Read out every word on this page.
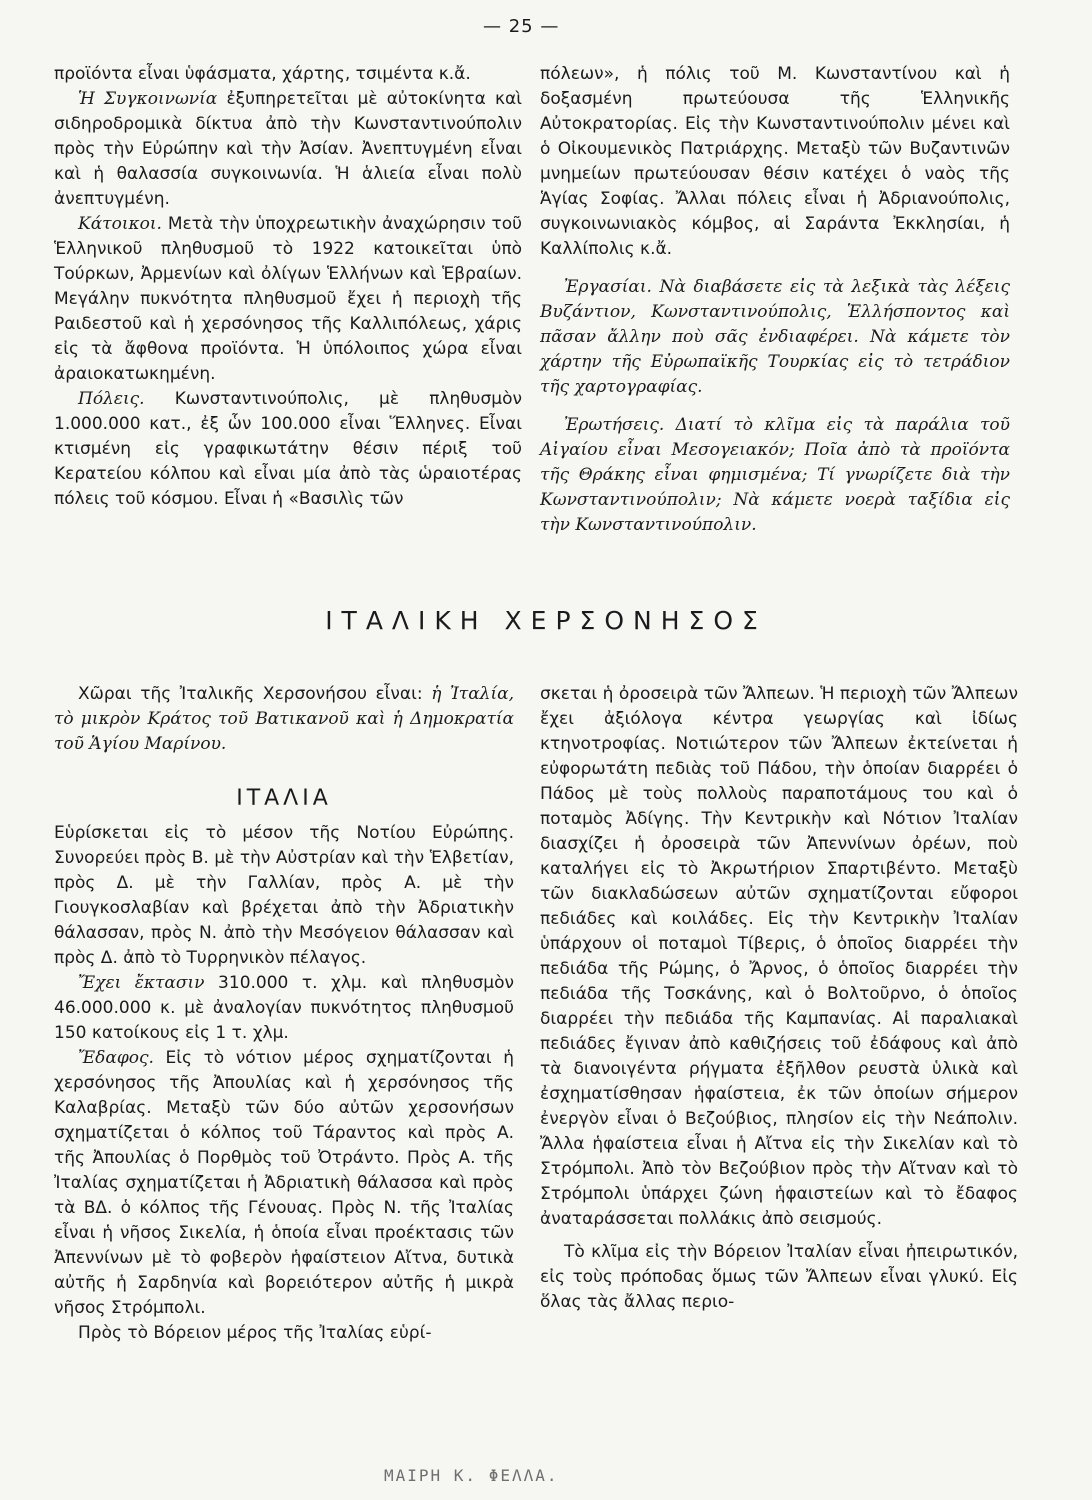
— 25 —

προϊόντα εἶναι ὑφάσματα, χάρτης, τσιμέντα κ.ἄ.

Ἡ Συγκοινωνία ἐξυπηρετεῖται μὲ αὐτοκίνητα καὶ σιδηροδρομικὰ δίκτυα ἀπὸ τὴν Κωνσταντινούπολιν πρὸς τὴν Εὐρώπην καὶ τὴν Ἀσίαν. Ἀνεπτυγμένη εἶναι καὶ ἡ θαλασσία συγκοινωνία. Ἡ ἁλιεία εἶναι πολὺ ἀνεπτυγμένη.

Κάτοικοι. Μετὰ τὴν ὑποχρεωτικὴν ἀναχώρησιν τοῦ Ἑλληνικοῦ πληθυσμοῦ τὸ 1922 κατοικεῖται ὑπὸ Τούρκων, Ἀρμενίων καὶ ὀλίγων Ἑλλήνων καὶ Ἑβραίων. Μεγάλην πυκνότητα πληθυσμοῦ ἔχει ἡ περιοχὴ τῆς Ραιδεστοῦ καὶ ἡ χερσόνησος τῆς Καλλιπόλεως, χάρις εἰς τὰ ἄφθονα προϊόντα. Ἡ ὑπόλοιπος χώρα εἶναι ἀραιοκατωκημένη.

Πόλεις. Κωνσταντινούπολις, μὲ πληθυσμὸν 1.000.000 κατ., ἐξ ὧν 100.000 εἶναι Ἕλληνες. Εἶναι κτισμένη εἰς γραφικωτάτην θέσιν πέριξ τοῦ Κερατείου κόλπου καὶ εἶναι μία ἀπὸ τὰς ὡραιοτέρας πόλεις τοῦ κόσμου. Εἶναι ἡ «Βασιλὶς τῶν

πόλεων», ἡ πόλις τοῦ Μ. Κωνσταντίνου καὶ ἡ δοξασμένη πρωτεύουσα τῆς Ἑλληνικῆς Αὐτοκρατορίας. Εἰς τὴν Κωνσταντινούπολιν μένει καὶ ὁ Οἰκουμενικὸς Πατριάρχης. Μεταξὺ τῶν Βυζαντινῶν μνημείων πρωτεύουσαν θέσιν κατέχει ὁ ναὸς τῆς Ἁγίας Σοφίας. Ἄλλαι πόλεις εἶναι ἡ Ἀδριανούπολις, συγκοινωνιακὸς κόμβος, αἱ Σαράντα Ἐκκλησίαι, ἡ Καλλίπολις κ.ἄ.

Ἐργασίαι. Νὰ διαβάσετε εἰς τὰ λεξικὰ τὰς λέξεις Βυζάντιον, Κωνσταντινούπολις, Ἑλλήσποντος καὶ πᾶσαν ἄλλην ποὺ σᾶς ἐνδιαφέρει. Νὰ κάμετε τὸν χάρτην τῆς Εὐρωπαϊκῆς Τουρκίας εἰς τὸ τετράδιον τῆς χαρτογραφίας.

Ἐρωτήσεις. Διατί τὸ κλῖμα εἰς τὰ παράλια τοῦ Αἰγαίου εἶναι Μεσογειακόν; Ποῖα ἀπὸ τὰ προϊόντα τῆς Θράκης εἶναι φημισμένα; Τί γνωρίζετε διὰ τὴν Κωνσταντινούπολιν; Νὰ κάμετε νοερὰ ταξίδια εἰς τὴν Κωνσταντινούπολιν.

ΙΤΑΛΙΚΗ ΧΕΡΣΟΝΗΣΟΣ

Χῶραι τῆς Ἰταλικῆς Χερσονήσου εἶναι: ἡ Ἰταλία, τὸ μικρὸν Κράτος τοῦ Βατικανοῦ καὶ ἡ Δημοκρατία τοῦ Ἁγίου Μαρίνου.

ΙΤΑΛΙΑ

Εὑρίσκεται εἰς τὸ μέσον τῆς Νοτίου Εὐρώπης. Συνορεύει πρὸς Β. μὲ τὴν Αὐστρίαν καὶ τὴν Ἑλβετίαν, πρὸς Δ. μὲ τὴν Γαλλίαν, πρὸς Α. μὲ τὴν Γιουγκοσλαβίαν καὶ βρέχεται ἀπὸ τὴν Ἀδριατικὴν θάλασσαν, πρὸς Ν. ἀπὸ τὴν Μεσόγειον θάλασσαν καὶ πρὸς Δ. ἀπὸ τὸ Τυρρηνικὸν πέλαγος.

Ἔχει ἔκτασιν 310.000 τ. χλμ. καὶ πληθυσμὸν 46.000.000 κ. μὲ ἀναλογίαν πυκνότητος πληθυσμοῦ 150 κατοίκους εἰς 1 τ. χλμ.

Ἔδαφος. Εἰς τὸ νότιον μέρος σχηματίζονται ἡ χερσόνησος τῆς Ἀπουλίας καὶ ἡ χερσόνησος τῆς Καλαβρίας. Μεταξὺ τῶν δύο αὐτῶν χερσονήσων σχηματίζεται ὁ κόλπος τοῦ Τάραντος καὶ πρὸς Α. τῆς Ἀπουλίας ὁ Πορθμὸς τοῦ Ὀτράντο. Πρὸς Α. τῆς Ἰταλίας σχηματίζεται ἡ Ἀδριατικὴ θάλασσα καὶ πρὸς τὰ ΒΔ. ὁ κόλπος τῆς Γένουας. Πρὸς Ν. τῆς Ἰταλίας εἶναι ἡ νῆσος Σικελία, ἡ ὁποία εἶναι προέκτασις τῶν Ἀπεννίνων μὲ τὸ φοβερὸν ἡφαίστειον Αἴτνα, δυτικὰ αὐτῆς ἡ Σαρδηνία καὶ βορειότερον αὐτῆς ἡ μικρὰ νῆσος Στρόμπολι.

Πρὸς τὸ Βόρειον μέρος τῆς Ἰταλίας εὑρί-

σκεται ἡ ὀροσειρὰ τῶν Ἄλπεων. Ἡ περιοχὴ τῶν Ἄλπεων ἔχει ἀξιόλογα κέντρα γεωργίας καὶ ἰδίως κτηνοτροφίας. Νοτιώτερον τῶν Ἄλπεων ἐκτείνεται ἡ εὐφορωτάτη πεδιὰς τοῦ Πάδου, τὴν ὁποίαν διαρρέει ὁ Πάδος μὲ τοὺς πολλοὺς παραποτάμους του καὶ ὁ ποταμὸς Ἀδίγης. Τὴν Κεντρικὴν καὶ Νότιον Ἰταλίαν διασχίζει ἡ ὀροσειρὰ τῶν Ἀπεννίνων ὀρέων, ποὺ καταλήγει εἰς τὸ Ἀκρωτήριον Σπαρτιβέντο. Μεταξὺ τῶν διακλαδώσεων αὐτῶν σχηματίζονται εὔφοροι πεδιάδες καὶ κοιλάδες. Εἰς τὴν Κεντρικὴν Ἰταλίαν ὑπάρχουν οἱ ποταμοὶ Τίβερις, ὁ ὁποῖος διαρρέει τὴν πεδιάδα τῆς Ρώμης, ὁ Ἄρνος, ὁ ὁποῖος διαρρέει τὴν πεδιάδα τῆς Τοσκάνης, καὶ ὁ Βολτοῦρνο, ὁ ὁποῖος διαρρέει τὴν πεδιάδα τῆς Καμπανίας. Αἱ παραλιακαὶ πεδιάδες ἔγιναν ἀπὸ καθιζήσεις τοῦ ἐδάφους καὶ ἀπὸ τὰ διανοιγέντα ρήγματα ἐξῆλθον ρευστὰ ὑλικὰ καὶ ἐσχηματίσθησαν ἡφαίστεια, ἐκ τῶν ὁποίων σήμερον ἐνεργὸν εἶναι ὁ Βεζούβιος, πλησίον εἰς τὴν Νεάπολιν. Ἄλλα ἡφαίστεια εἶναι ἡ Αἴτνα εἰς τὴν Σικελίαν καὶ τὸ Στρόμπολι. Ἀπὸ τὸν Βεζούβιον πρὸς τὴν Αἴτναν καὶ τὸ Στρόμπολι ὑπάρχει ζώνη ἡφαιστείων καὶ τὸ ἔδαφος ἀναταράσσεται πολλάκις ἀπὸ σεισμούς.

Τὸ κλῖμα εἰς τὴν Βόρειον Ἰταλίαν εἶναι ἠπειρωτικόν, εἰς τοὺς πρόποδας ὅμως τῶν Ἄλπεων εἶναι γλυκύ. Εἰς ὅλας τὰς ἄλλας περιο-

ΜΑΙΡΗ Κ. ΦΕΛΛΑ.
